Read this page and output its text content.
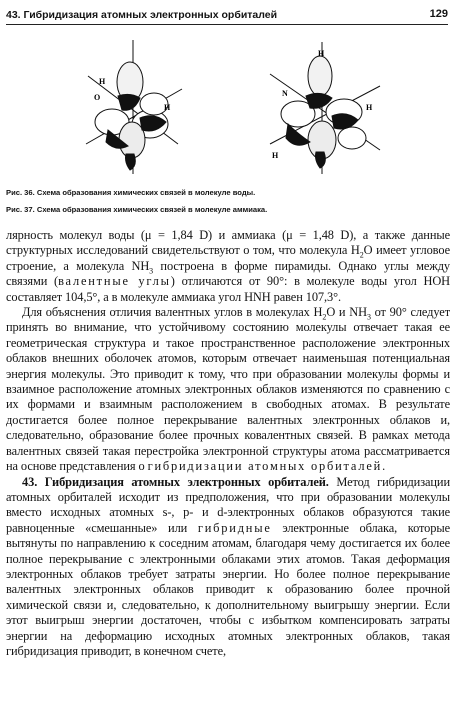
43. Гибридизация атомных электронных орбиталей	129
H
O
H
H
N
H
H
Рис. 36. Схема образования химических связей в молекуле воды.
Рис. 37. Схема образования химических связей в молекуле аммиака.

лярность молекул воды (μ = 1,84 D) и аммиака (μ = 1,48 D), а также данные структурных исследований свидетельствуют о том, что молекула $H_2O$ имеет угловое строение, а молекула $NH_3$ построена в форме пирамиды. Однако углы между связями (валентные углы) отличаются от 90°: в молекуле воды угол HOH составляет 104,5°, а в молекуле аммиака угол HNH равен 107,3°.

Для объяснения отличия валентных углов в молекулах $H_2O$ и $NH_3$ от 90° следует принять во внимание, что устойчивому состоянию молекулы отвечает такая ее геометрическая структура и такое пространственное расположение электронных облаков внешних оболочек атомов, которым отвечает наименьшая потенциальная энергия молекулы. Это приводит к тому, что при образовании молекулы формы и взаимное расположение атомных электронных облаков изменяются по сравнению с их формами и взаимным расположением в свободных атомах. В результате достигается более полное перекрывание валентных электронных облаков и, следовательно, образование более прочных ковалентных связей. В рамках метода валентных связей такая перестройка электронной структуры атома рассматривается на основе представления о гибридизации атомных орбиталей.

43. Гибридизация атомных электронных орбиталей. Метод гибридизации атомных орбиталей исходит из предположения, что при образовании молекулы вместо исходных атомных s-, p- и d-электронных облаков образуются такие равноценные «смешанные» или гибридные электронные облака, которые вытянуты по направлению к соседним атомам, благодаря чему достигается их более полное перекрывание с электронными облаками этих атомов. Такая деформация электронных облаков требует затраты энергии. Но более полное перекрывание валентных электронных облаков приводит к образованию более прочной химической связи и, следовательно, к дополнительному выигрышу энергии. Если этот выигрыш энергии достаточен, чтобы с избытком компенсировать затраты энергии на деформацию исходных атомных электронных облаков, такая гибридизация приводит, в конечном счете,
